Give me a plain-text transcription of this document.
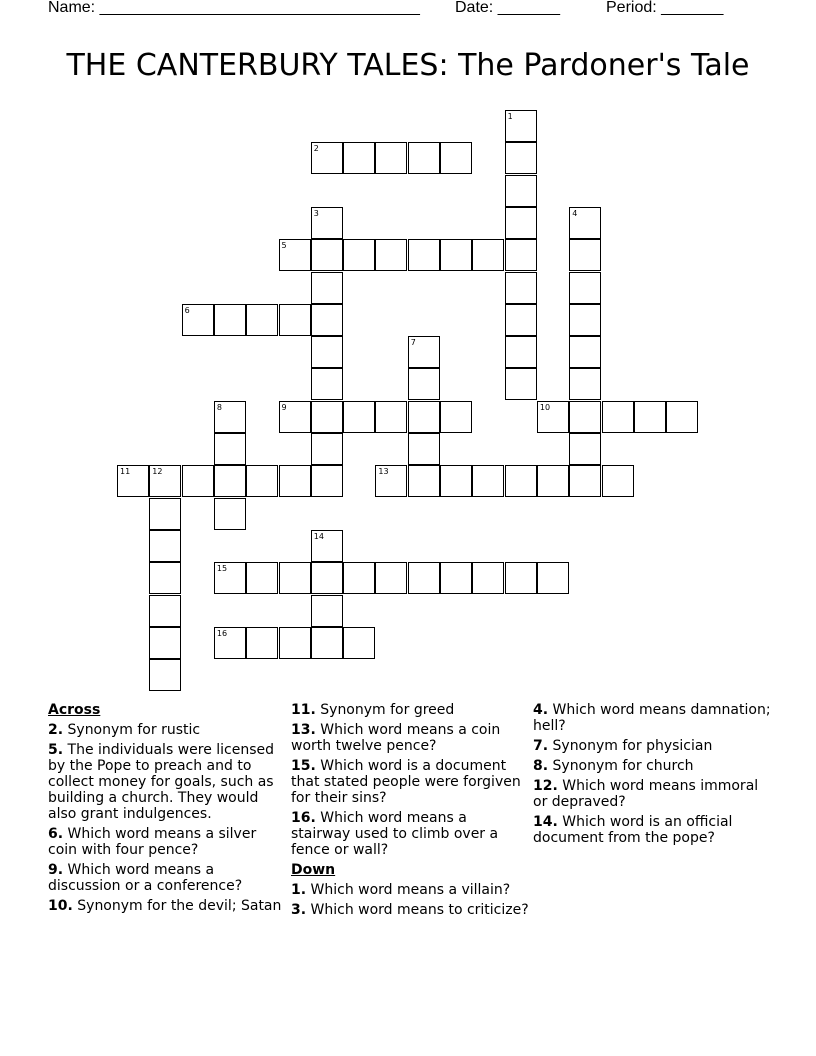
Name: ____________________________________ Date: _______	Period: _______
THE CANTERBURY TALES: The Pardoner's Tale
1
2
3	4
5
6
7
8	9	10
11	12	13
14
15
16
Across
2. Synonym for rustic
5. The individuals were licensed by the Pope to preach and to collect money for goals, such as building a church. They would also grant indulgences.
6. Which word means a silver coin with four pence?
9. Which word means a discussion or a conference?
10. Synonym for the devil; Satan
11. Synonym for greed
13. Which word means a coin worth twelve pence?
15. Which word is a document that stated people were forgiven for their sins?
16. Which word means a stairway used to climb over a fence or wall?
Down
1. Which word means a villain?
3. Which word means to criticize?
4. Which word means damnation; hell?
7. Synonym for physician
8. Synonym for church
12. Which word means immoral or depraved?
14. Which word is an official document from the pope?
